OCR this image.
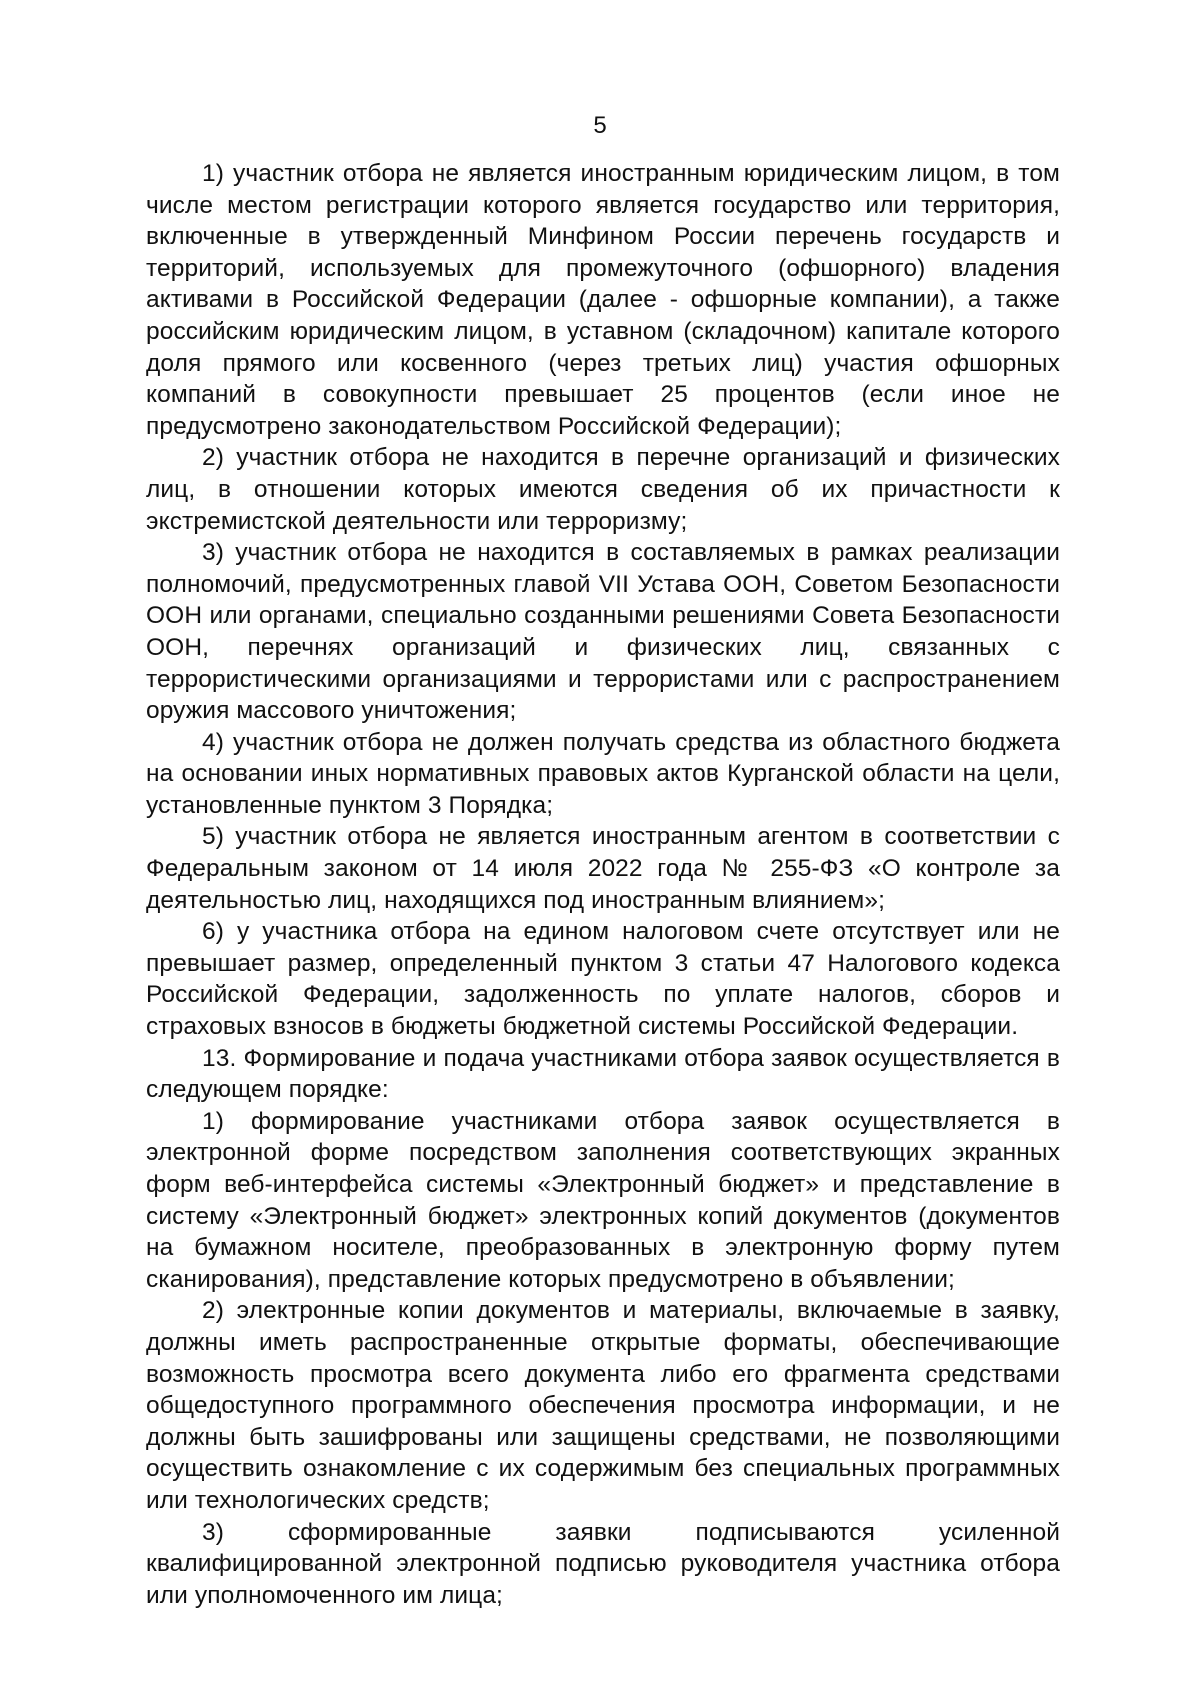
5

1) участник отбора не является иностранным юридическим лицом, в том числе местом регистрации которого является государство или территория, включенные в утвержденный Минфином России перечень государств и территорий, используемых для промежуточного (офшорного) владения активами в Российской Федерации (далее - офшорные компании), а также российским юридическим лицом, в уставном (складочном) капитале которого доля прямого или косвенного (через третьих лиц) участия офшорных компаний в совокупности превышает 25 процентов (если иное не предусмотрено законодательством Российской Федерации);

2) участник отбора не находится в перечне организаций и физических лиц, в отношении которых имеются сведения об их причастности к экстремистской деятельности или терроризму;

3) участник отбора не находится в составляемых в рамках реализации полномочий, предусмотренных главой VII Устава ООН, Советом Безопасности ООН или органами, специально созданными решениями Совета Безопасности ООН, перечнях организаций и физических лиц, связанных с террористическими организациями и террористами или с распространением оружия массового уничтожения;

4) участник отбора не должен получать средства из областного бюджета на основании иных нормативных правовых актов Курганской области на цели, установленные пунктом 3 Порядка;

5) участник отбора не является иностранным агентом в соответствии с Федеральным законом от 14 июля 2022 года № 255-ФЗ «О контроле за деятельностью лиц, находящихся под иностранным влиянием»;

6) у участника отбора на едином налоговом счете отсутствует или не превышает размер, определенный пунктом 3 статьи 47 Налогового кодекса Российской Федерации, задолженность по уплате налогов, сборов и страховых взносов в бюджеты бюджетной системы Российской Федерации.

13. Формирование и подача участниками отбора заявок осуществляется в следующем порядке:

1) формирование участниками отбора заявок осуществляется в электронной форме посредством заполнения соответствующих экранных форм веб-интерфейса системы «Электронный бюджет» и представление в систему «Электронный бюджет» электронных копий документов (документов на бумажном носителе, преобразованных в электронную форму путем сканирования), представление которых предусмотрено в объявлении;

2) электронные копии документов и материалы, включаемые в заявку, должны иметь распространенные открытые форматы, обеспечивающие возможность просмотра всего документа либо его фрагмента средствами общедоступного программного обеспечения просмотра информации, и не должны быть зашифрованы или защищены средствами, не позволяющими осуществить ознакомление с их содержимым без специальных программных или технологических средств;

3) сформированные заявки подписываются усиленной квалифицированной электронной подписью руководителя участника отбора или уполномоченного им лица;
